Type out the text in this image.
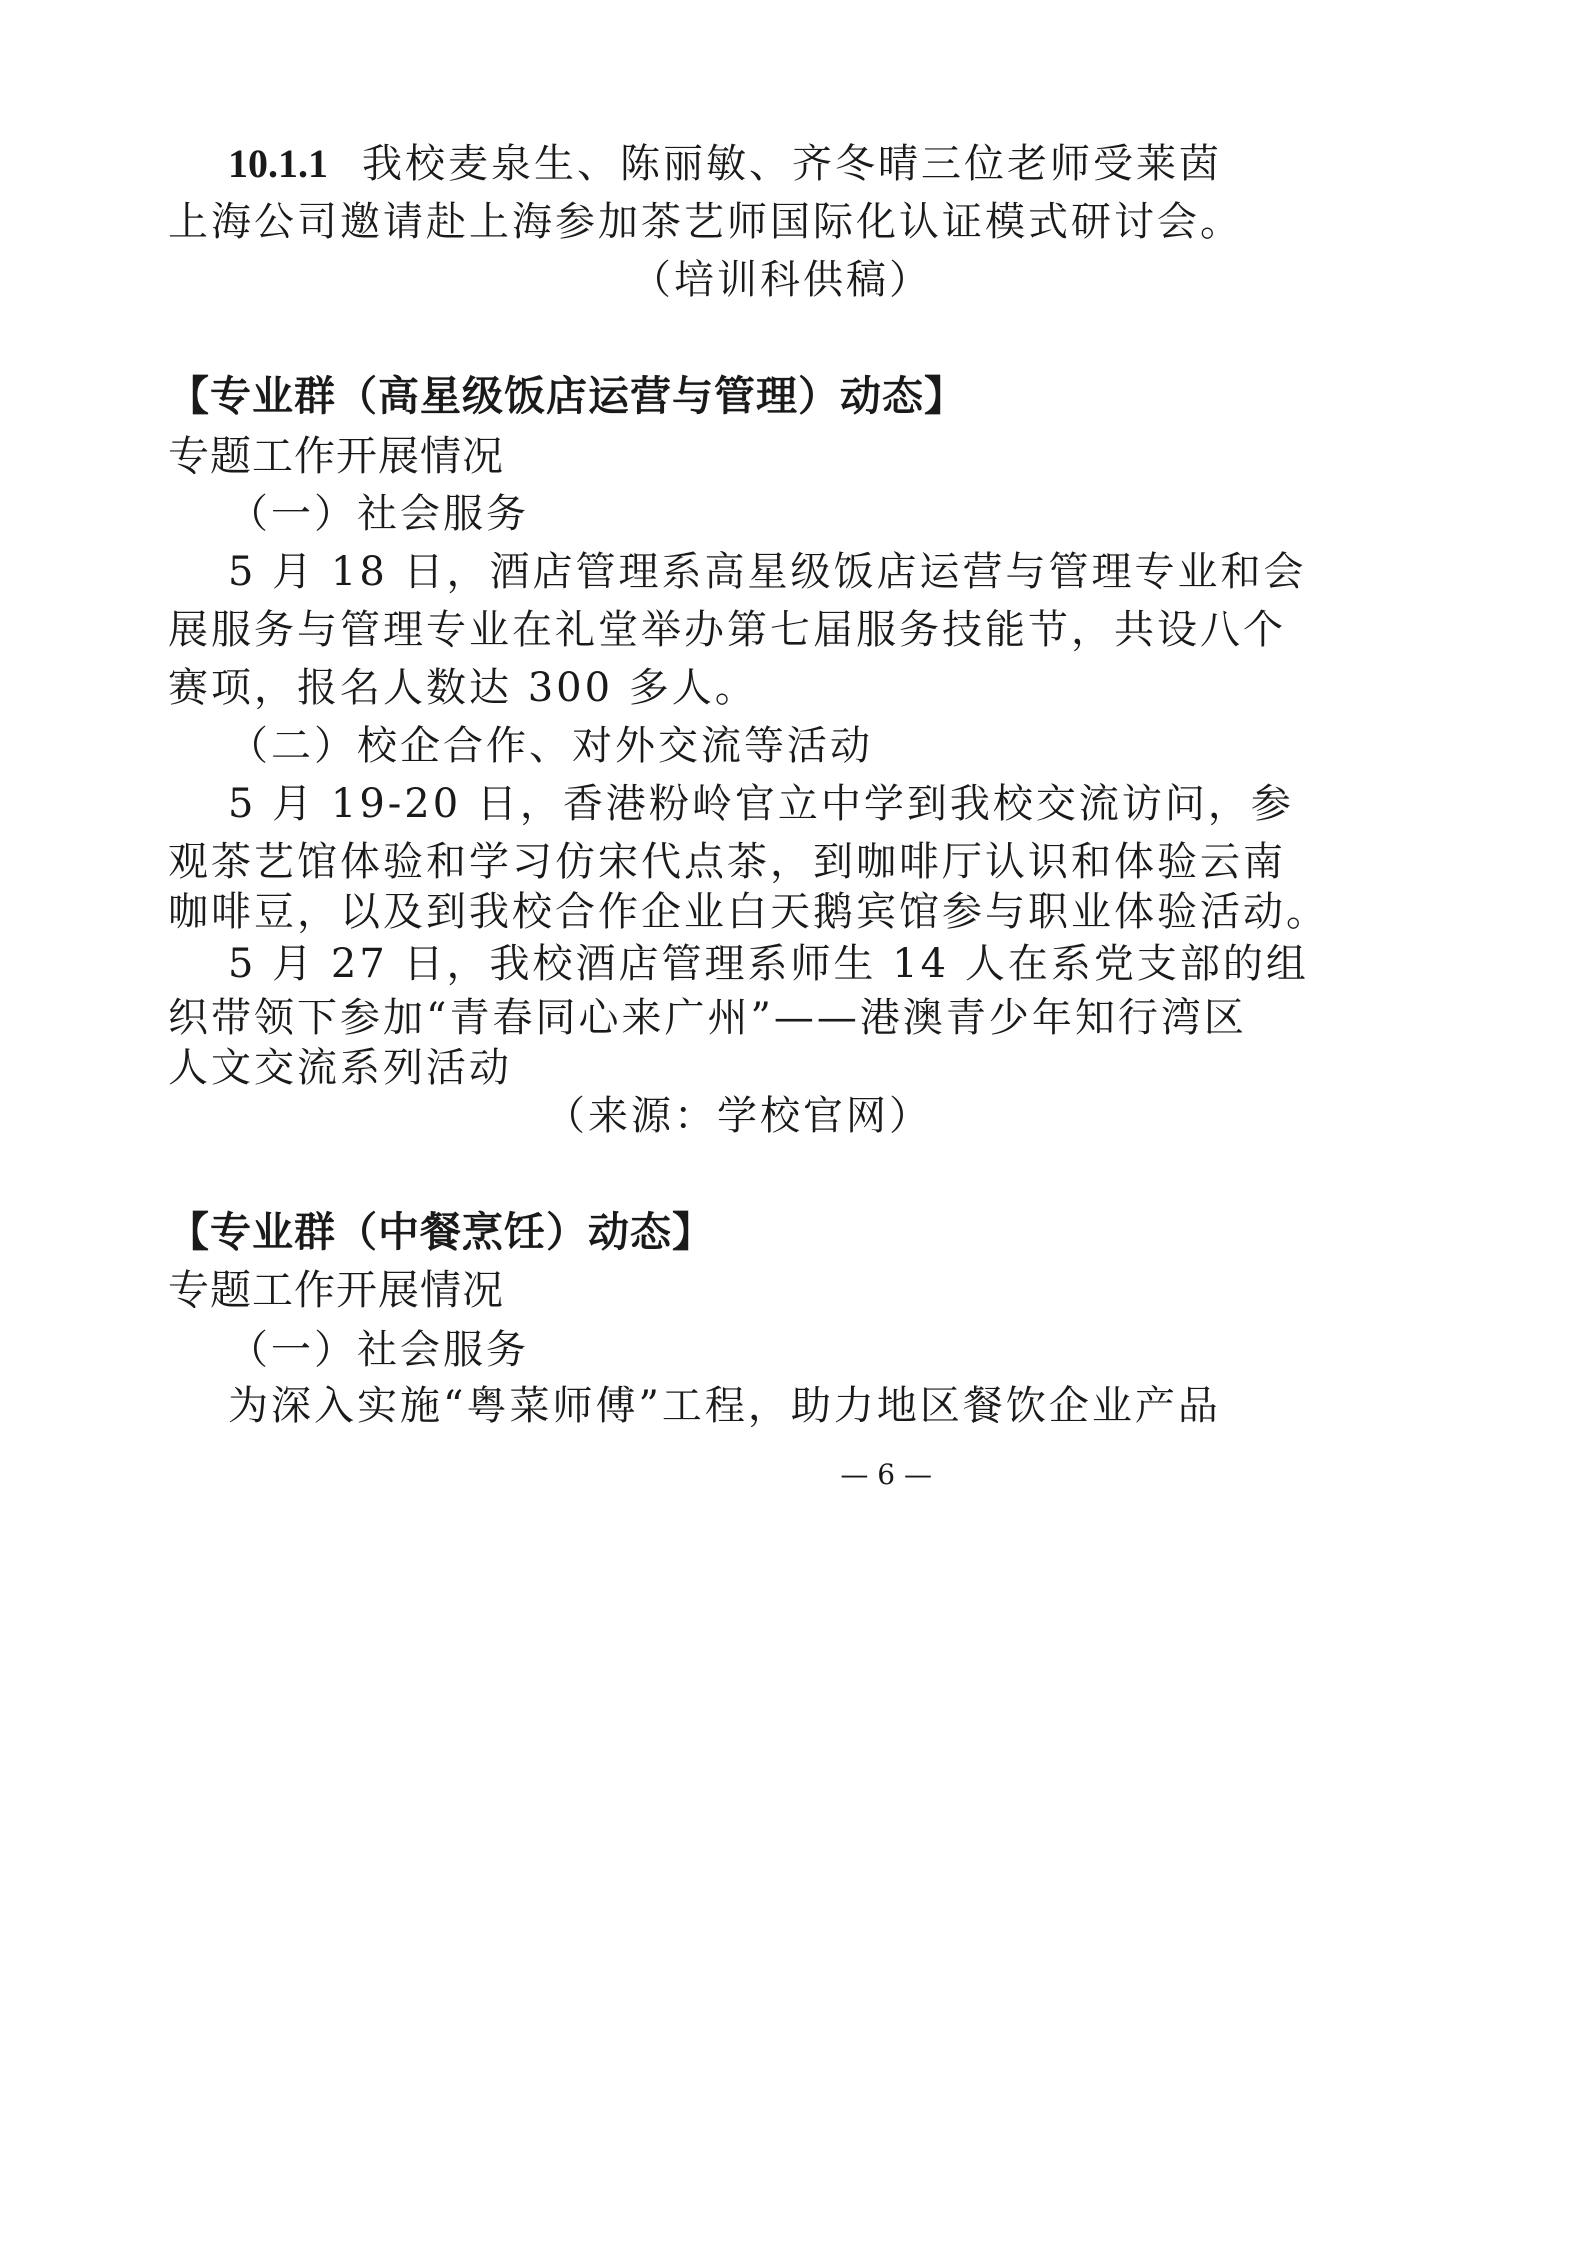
10.1.1 我校麦泉生、陈丽敏、齐冬晴三位老师受莱茵
上海公司邀请赴上海参加茶艺师国际化认证模式研讨会。
（培训科供稿）
【专业群（高星级饭店运营与管理）动态】
专题工作开展情况
（一）社会服务
5 月 18 日，酒店管理系高星级饭店运营与管理专业和会
展服务与管理专业在礼堂举办第七届服务技能节，共设八个
赛项，报名人数达 300 多人。
（二）校企合作、对外交流等活动
5 月 19-20 日，香港粉岭官立中学到我校交流访问，参
观茶艺馆体验和学习仿宋代点茶，到咖啡厅认识和体验云南
咖啡豆，以及到我校合作企业白天鹅宾馆参与职业体验活动。
5 月 27 日，我校酒店管理系师生 14 人在系党支部的组
织带领下参加“青春同心来广州”——港澳青少年知行湾区
人文交流系列活动
（来源：学校官网）
【专业群（中餐烹饪）动态】
专题工作开展情况
（一）社会服务
为深入实施“粤菜师傅”工程，助力地区餐饮企业产品
— 6 —
